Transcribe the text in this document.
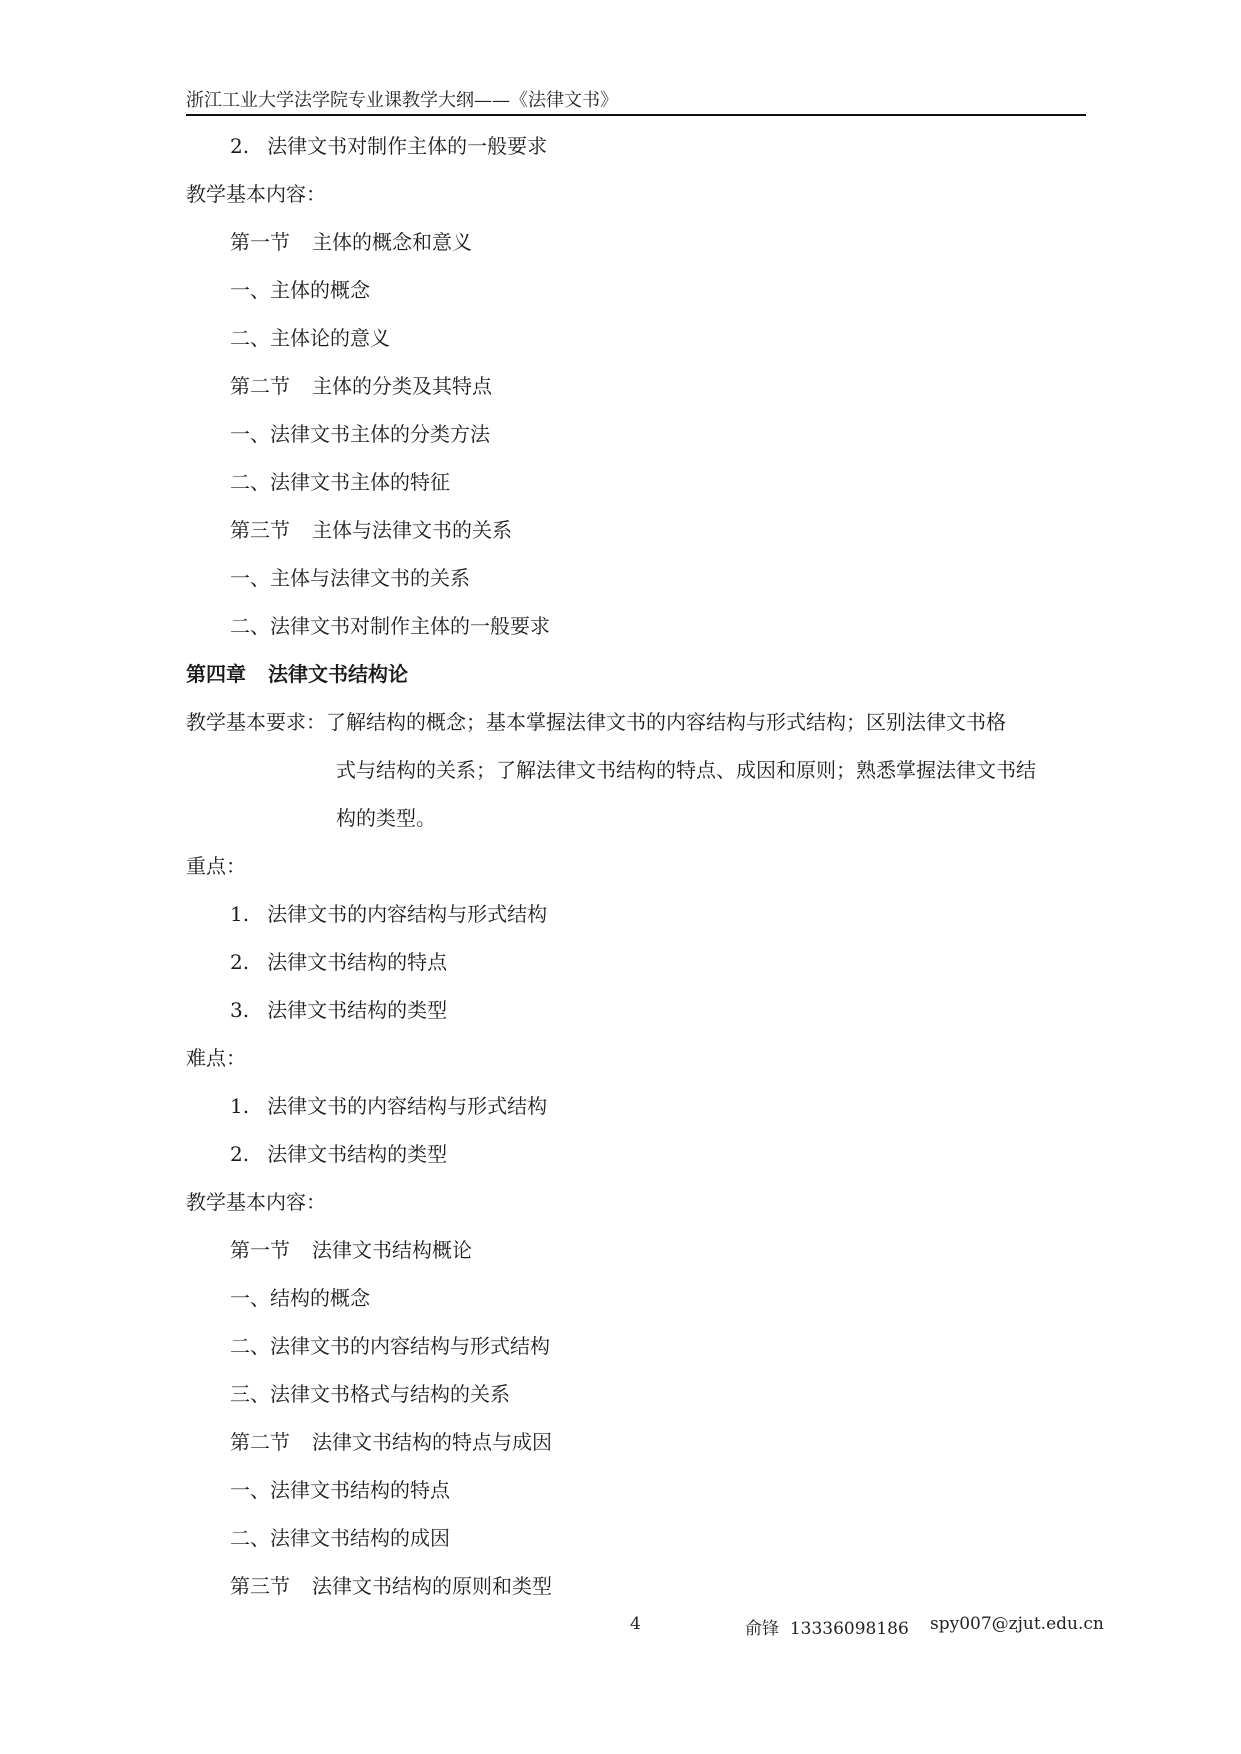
浙江工业大学法学院专业课教学大纲——《法律文书》
2. 法律文书对制作主体的一般要求
教学基本内容：
第一节 主体的概念和意义
一、主体的概念
二、主体论的意义
第二节 主体的分类及其特点
一、法律文书主体的分类方法
二、法律文书主体的特征
第三节 主体与法律文书的关系
一、主体与法律文书的关系
二、法律文书对制作主体的一般要求
第四章 法律文书结构论
教学基本要求：了解结构的概念；基本掌握法律文书的内容结构与形式结构；区别法律文书格
式与结构的关系；了解法律文书结构的特点、成因和原则；熟悉掌握法律文书结
构的类型。
重点：
1. 法律文书的内容结构与形式结构
2. 法律文书结构的特点
3. 法律文书结构的类型
难点：
1. 法律文书的内容结构与形式结构
2. 法律文书结构的类型
教学基本内容：
第一节 法律文书结构概论
一、结构的概念
二、法律文书的内容结构与形式结构
三、法律文书格式与结构的关系
第二节 法律文书结构的特点与成因
一、法律文书结构的特点
二、法律文书结构的成因
第三节 法律文书结构的原则和类型
4	俞锋 13336098186 spy007@zjut.edu.cn
